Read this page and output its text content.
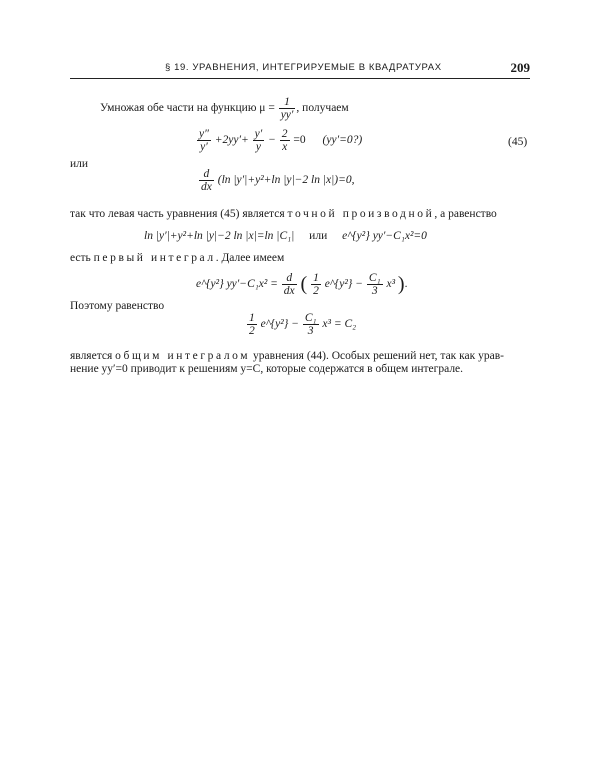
§ 19. УРАВНЕНИЯ, ИНТЕГРИРУЕМЫЕ В КВАДРАТУРАХ	209
Умножая обе части на функцию $\mu = \frac{1}{yy'}$ , получаем
$\frac{y''}{y'} +2yy'+ \frac{y'}{y} - \frac{2}{x} =0$ (yy′=0?)	(45)
или
$\frac{d}{dx} (\ln$ |y′|+y²+ln |y|−2 ln |x|)=0,
так что левая часть уравнения (45) является точной производной, а равенство
ln |y′|+y²+ln |y|−2 ln |x|=ln |C₁| или e^{y²} yy′−C₁x²=0
есть первый интеграл. Далее имеем
e^{y²} $yy'-C_1x^2 = \frac{d}{dx}$ ( $\frac{1}{2}$ e^{y²} − $\frac{\text{C₁}}{3} x^3$ ).
Поэтому равенство
$\frac{1}{2}$ e^{y²} − $\frac{\text{C₁}}{3} x^3 = C_2$
является общим интегралом уравнения (44). Особых решений нет, так как урав-
нение yy′=0 приводит к решениям y=C, которые содержатся в общем интеграле.
